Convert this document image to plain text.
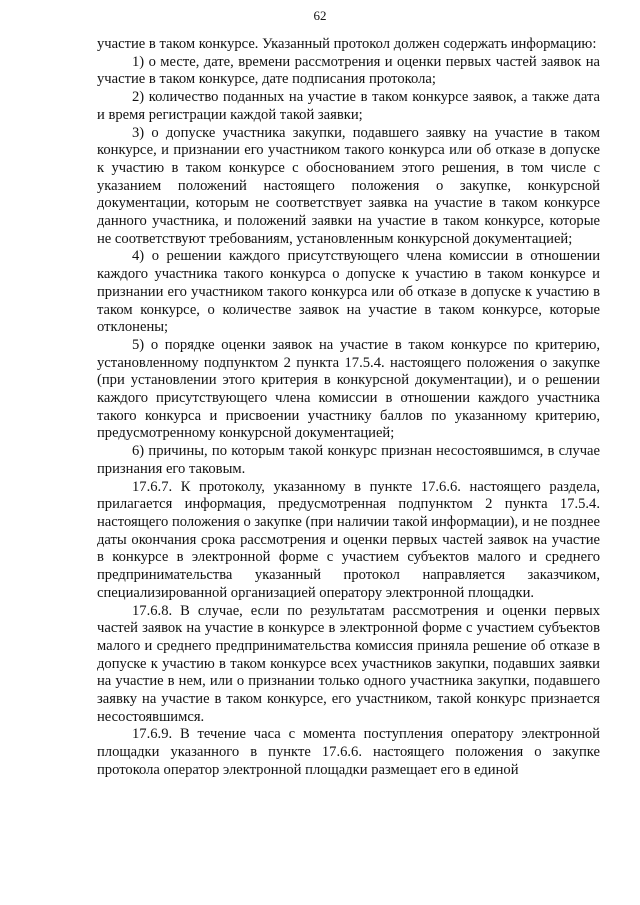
62

участие в таком конкурсе. Указанный протокол должен содержать информацию:

1) о месте, дате, времени рассмотрения и оценки первых частей заявок на участие в таком конкурсе, дате подписания протокола;

2) количество поданных на участие в таком конкурсе заявок, а также дата и время регистрации каждой такой заявки;

3) о допуске участника закупки, подавшего заявку на участие в таком конкурсе, и признании его участником такого конкурса или об отказе в допуске к участию в таком конкурсе с обоснованием этого решения, в том числе с указанием положений настоящего положения о закупке, конкурсной документации, которым не соответствует заявка на участие в таком конкурсе данного участника, и положений заявки на участие в таком конкурсе, которые не соответствуют требованиям, установленным конкурсной документацией;

4) о решении каждого присутствующего члена комиссии в отношении каждого участника такого конкурса о допуске к участию в таком конкурсе и признании его участником такого конкурса или об отказе в допуске к участию в таком конкурсе, о количестве заявок на участие в таком конкурсе, которые отклонены;

5) о порядке оценки заявок на участие в таком конкурсе по критерию, установленному подпунктом 2 пункта 17.5.4. настоящего положения о закупке (при установлении этого критерия в конкурсной документации), и о решении каждого присутствующего члена комиссии в отношении каждого участника такого конкурса и присвоении участнику баллов по указанному критерию, предусмотренному конкурсной документацией;

6) причины, по которым такой конкурс признан несостоявшимся, в случае признания его таковым.

17.6.7. К протоколу, указанному в пункте 17.6.6. настоящего раздела, прилагается информация, предусмотренная подпунктом 2 пункта 17.5.4. настоящего положения о закупке (при наличии такой информации), и не позднее даты окончания срока рассмотрения и оценки первых частей заявок на участие в конкурсе в электронной форме с участием субъектов малого и среднего предпринимательства указанный протокол направляется заказчиком, специализированной организацией оператору электронной площадки.

17.6.8. В случае, если по результатам рассмотрения и оценки первых частей заявок на участие в конкурсе в электронной форме с участием субъектов малого и среднего предпринимательства комиссия приняла решение об отказе в допуске к участию в таком конкурсе всех участников закупки, подавших заявки на участие в нем, или о признании только одного участника закупки, подавшего заявку на участие в таком конкурсе, его участником, такой конкурс признается несостоявшимся.

17.6.9. В течение часа с момента поступления оператору электронной площадки указанного в пункте 17.6.6. настоящего положения о закупке протокола оператор электронной площадки размещает его в единой
